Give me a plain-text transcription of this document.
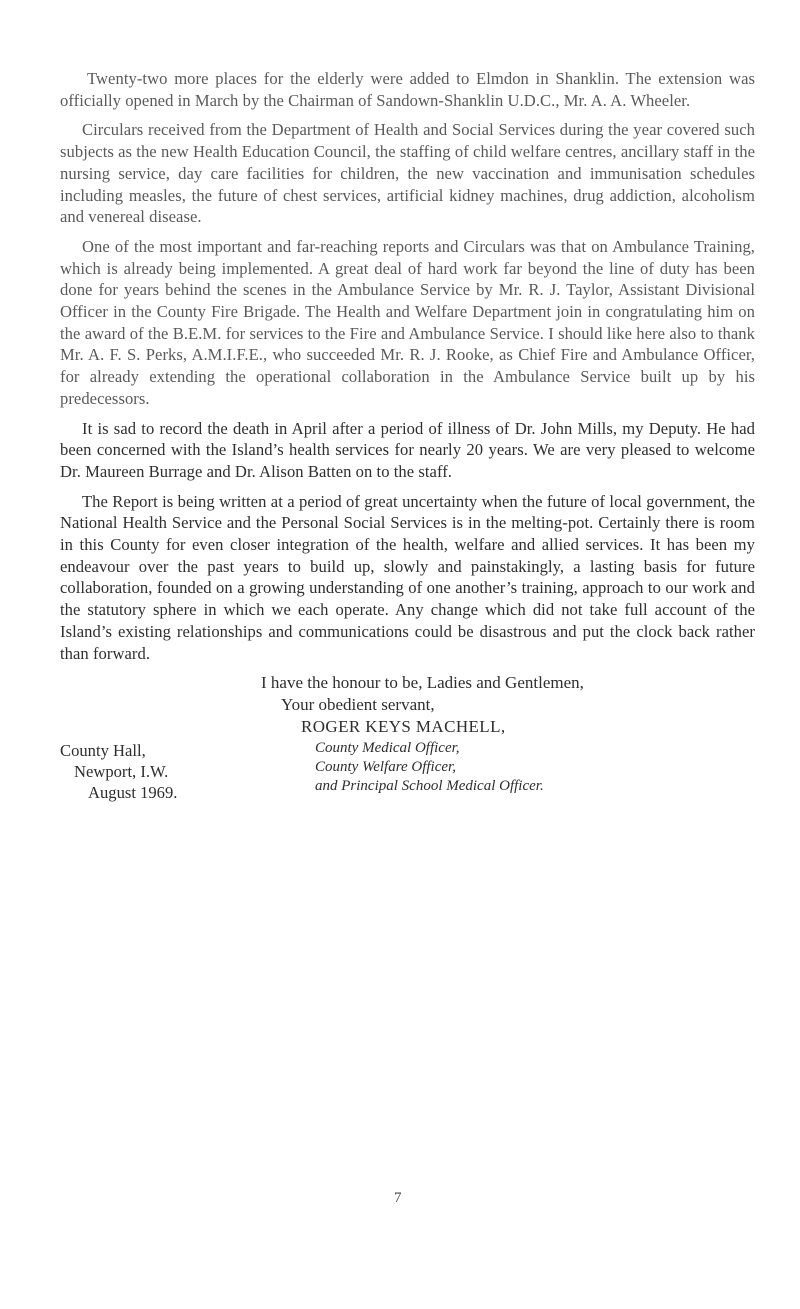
Twenty-two more places for the elderly were added to Elmdon in Shanklin. The extension was officially opened in March by the Chairman of Sandown-Shanklin U.D.C., Mr. A. A. Wheeler.

Circulars received from the Department of Health and Social Services during the year covered such subjects as the new Health Education Council, the staffing of child welfare centres, ancillary staff in the nursing service, day care facilities for children, the new vaccination and immunisation schedules including measles, the future of chest services, artificial kidney machines, drug addiction, alcoholism and venereal disease.

One of the most important and far-reaching reports and Circulars was that on Ambulance Training, which is already being implemented. A great deal of hard work far beyond the line of duty has been done for years behind the scenes in the Ambulance Service by Mr. R. J. Taylor, Assistant Divisional Officer in the County Fire Brigade. The Health and Welfare Department join in congratulating him on the award of the B.E.M. for services to the Fire and Ambulance Service. I should like here also to thank Mr. A. F. S. Perks, A.M.I.F.E., who succeeded Mr. R. J. Rooke, as Chief Fire and Ambulance Officer, for already extending the operational collaboration in the Ambulance Service built up by his predecessors.

It is sad to record the death in April after a period of illness of Dr. John Mills, my Deputy. He had been concerned with the Island’s health services for nearly 20 years. We are very pleased to welcome Dr. Maureen Burrage and Dr. Alison Batten on to the staff.

The Report is being written at a period of great uncertainty when the future of local government, the National Health Service and the Personal Social Services is in the melting-pot. Certainly there is room in this County for even closer integration of the health, welfare and allied services. It has been my endeavour over the past years to build up, slowly and painstakingly, a lasting basis for future collaboration, founded on a growing understanding of one another’s training, approach to our work and the statutory sphere in which we each operate. Any change which did not take full account of the Island’s existing relationships and communications could be disastrous and put the clock back rather than forward.

I have the honour to be, Ladies and Gentlemen,
Your obedient servant,
ROGER KEYS MACHELL,
County Medical Officer,
County Welfare Officer,
and Principal School Medical Officer.
County Hall,
Newport, I.W.
August 1969.
7
